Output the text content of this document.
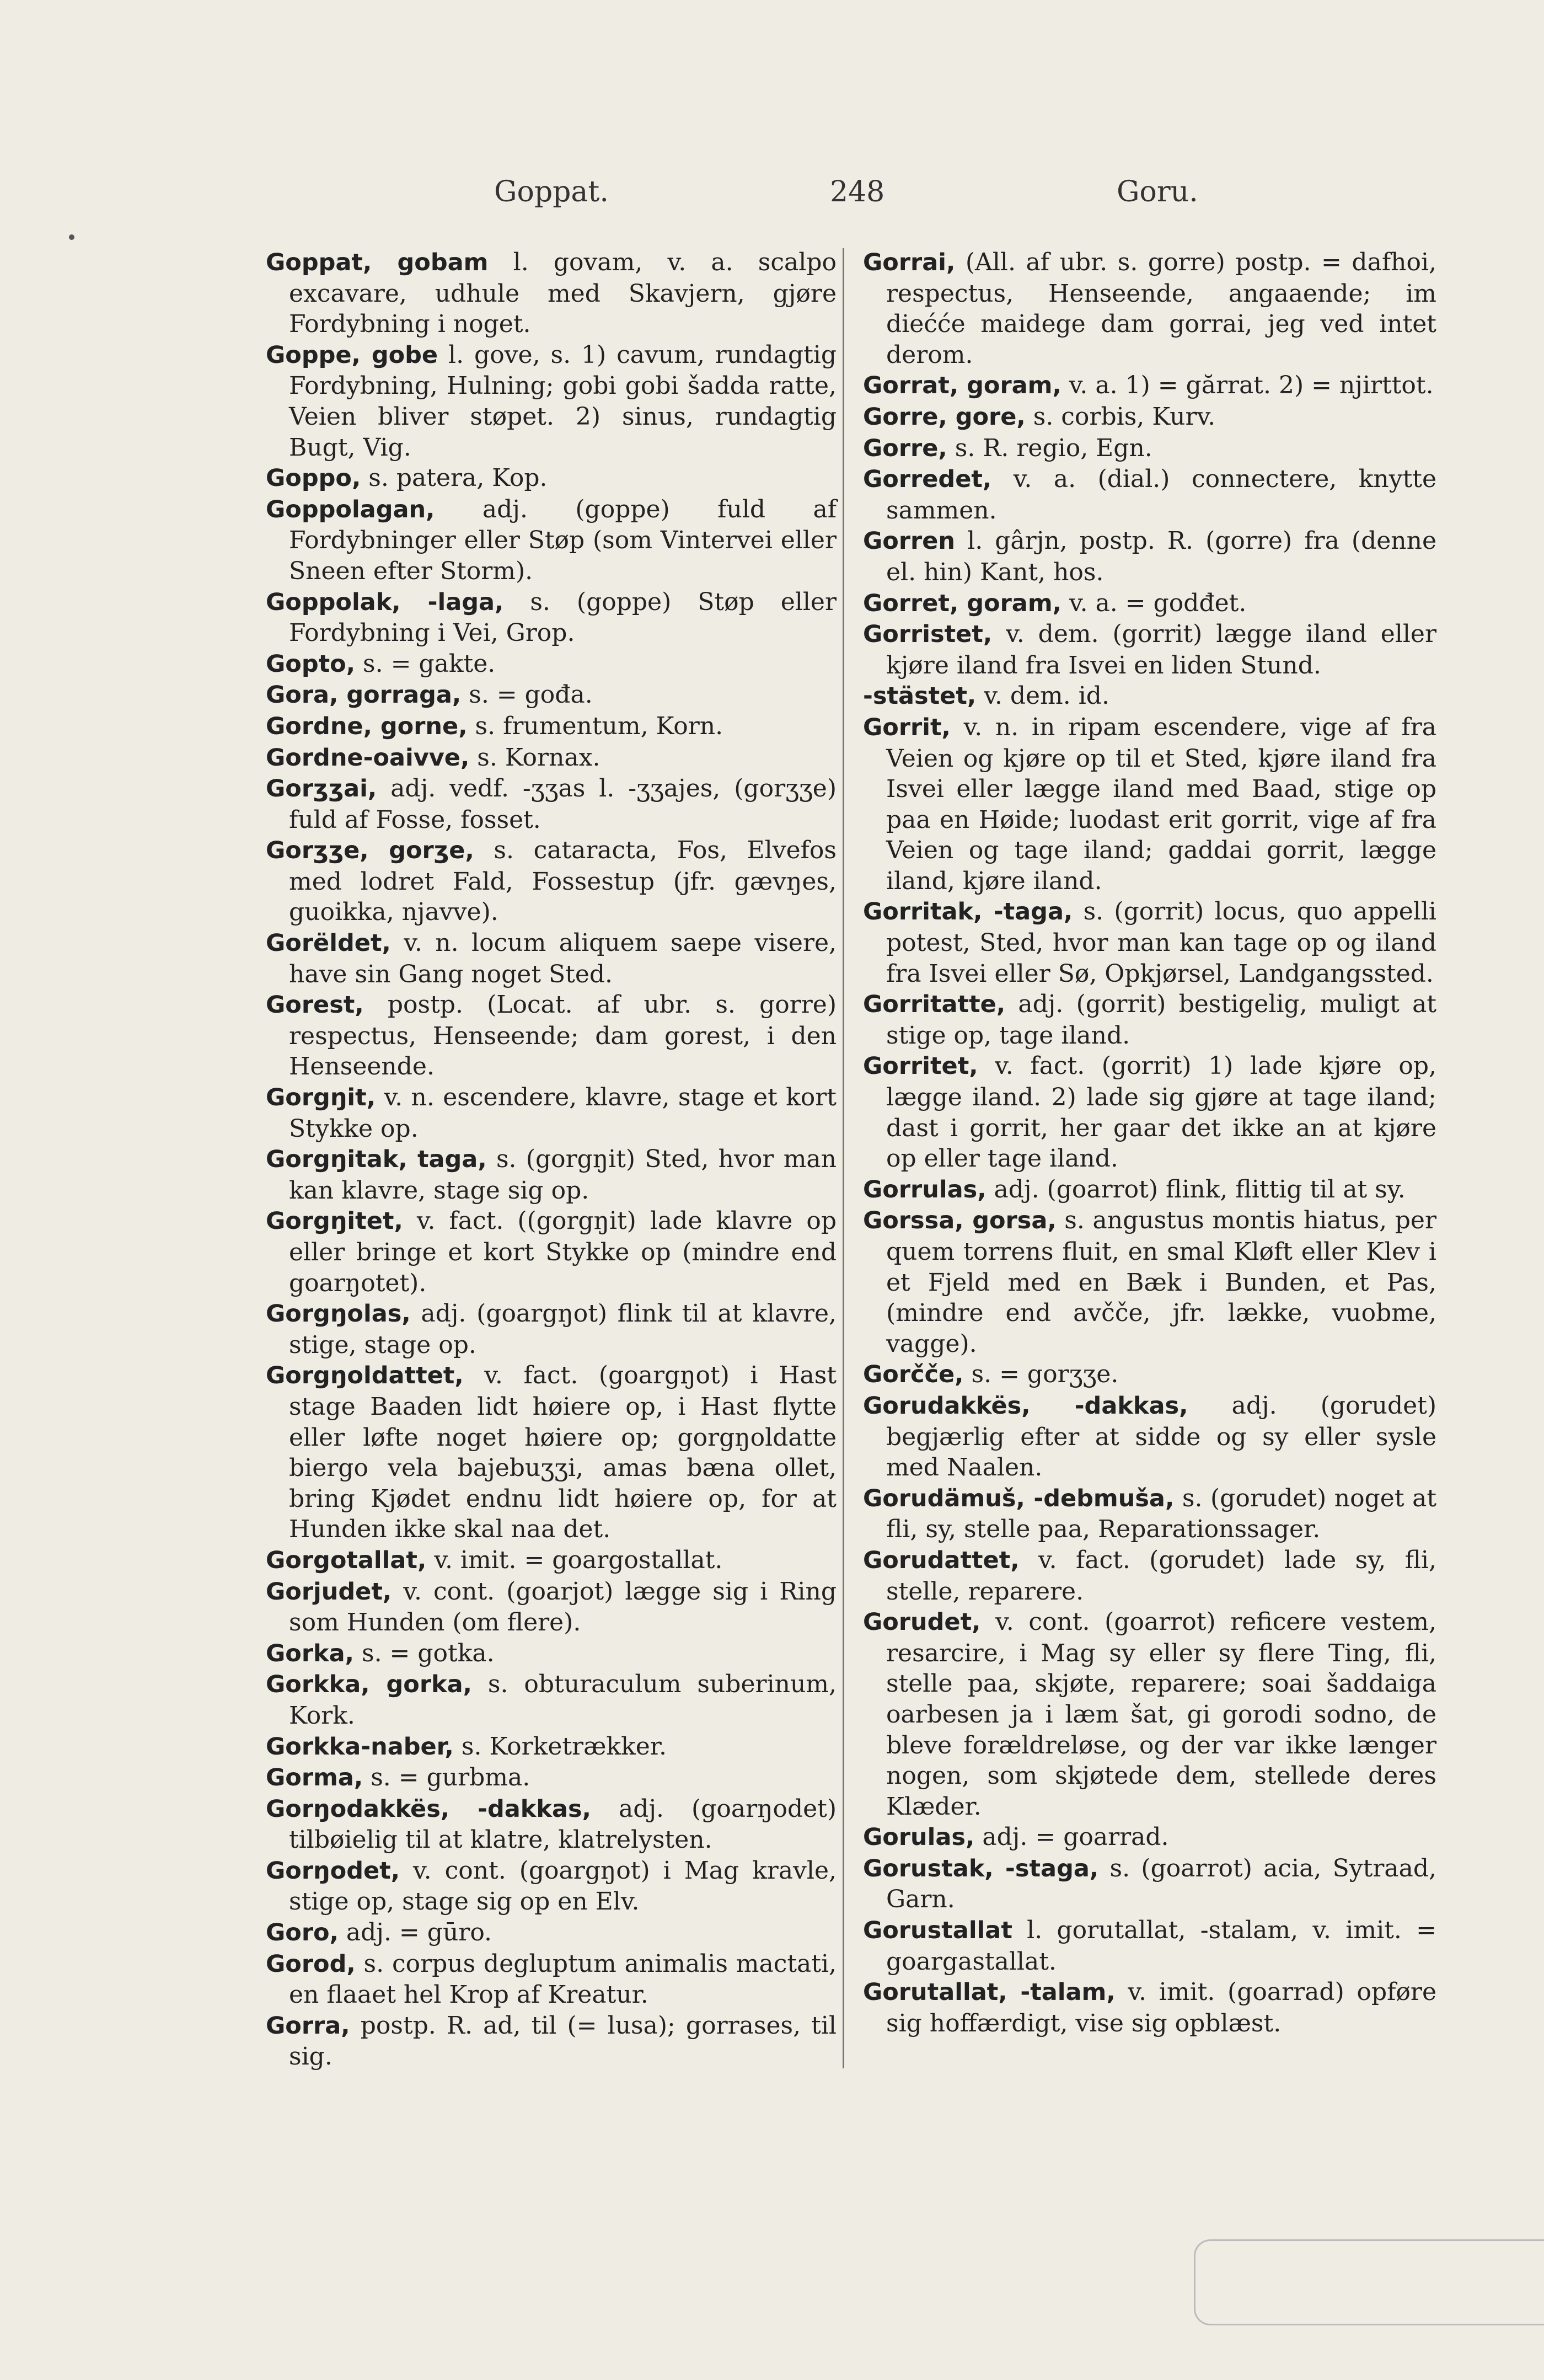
Goppat.	248	Goru.

Goppat, gobam l. govam, v. a. scalpo excavare, udhule med Skavjern, gjøre Fordybning i noget.

Goppe, gobe l. gove, s. 1) cavum, rundagtig Fordybning, Hulning; gobi gobi šadda ratte, Veien bliver støpet. 2) sinus, rundagtig Bugt, Vig.

Goppo, s. patera, Kop.

Goppolagan, adj. (goppe) fuld af Fordybninger eller Støp (som Vintervei eller Sneen efter Storm).

Goppolak, -laga, s. (goppe) Støp eller Fordybning i Vei, Grop.

Gopto, s. = gakte.

Gora, gorraga, s. = gođa.

Gordne, gorne, s. frumentum, Korn.

Gordne-oaivve, s. Kornax.

Gorʒʒai, adj. vedf. -ʒʒas l. -ʒʒajes, (gorʒʒe) fuld af Fosse, fosset.

Gorʒʒe, gorʒe, s. cataracta, Fos, Elvefos med lodret Fald, Fossestup (jfr. gævŋes, guoikka, njavve).

Gorëldet, v. n. locum aliquem saepe visere, have sin Gang noget Sted.

Gorest, postp. (Locat. af ubr. s. gorre) respectus, Henseende; dam gorest, i den Henseende.

Gorgŋit, v. n. escendere, klavre, stage et kort Stykke op.

Gorgŋitak, taga, s. (gorgŋit) Sted, hvor man kan klavre, stage sig op.

Gorgŋitet, v. fact. ((gorgŋit) lade klavre op eller bringe et kort Stykke op (mindre end goarŋotet).

Gorgŋolas, adj. (goargŋot) flink til at klavre, stige, stage op.

Gorgŋoldattet, v. fact. (goargŋot) i Hast stage Baaden lidt høiere op, i Hast flytte eller løfte noget høiere op; gorgŋoldatte biergo vela bajebuʒʒi, amas bæna ollet, bring Kjødet endnu lidt høiere op, for at Hunden ikke skal naa det.

Gorgotallat, v. imit. = goargostallat.

Gorjudet, v. cont. (goarjot) lægge sig i Ring som Hunden (om flere).

Gorka, s. = gotka.

Gorkka, gorka, s. obturaculum suberinum, Kork.

Gorkka-naber, s. Korketrækker.

Gorma, s. = gurbma.

Gorŋodakkës, -dakkas, adj. (goarŋodet) tilbøielig til at klatre, klatrelysten.

Gorŋodet, v. cont. (goargŋot) i Mag kravle, stige op, stage sig op en Elv.

Goro, adj. = gūro.

Gorod, s. corpus degluptum animalis mactati, en flaaet hel Krop af Kreatur.

Gorra, postp. R. ad, til (= lusa); gorrases, til sig.

Gorrai, (All. af ubr. s. gorre) postp. = dafhoi, respectus, Henseende, angaaende; im diećće maidege dam gorrai, jeg ved intet derom.

Gorrat, goram, v. a. 1) = gărrat. 2) = njirttot.

Gorre, gore, s. corbis, Kurv.

Gorre, s. R. regio, Egn.

Gorredet, v. a. (dial.) connectere, knytte sammen.

Gorren l. gârjn, postp. R. (gorre) fra (denne el. hin) Kant, hos.

Gorret, goram, v. a. = godđet.

Gorristet, v. dem. (gorrit) lægge iland eller kjøre iland fra Isvei en liden Stund.

-stästet, v. dem. id.

Gorrit, v. n. in ripam escendere, vige af fra Veien og kjøre op til et Sted, kjøre iland fra Isvei eller lægge iland med Baad, stige op paa en Høide; luodast erit gorrit, vige af fra Veien og tage iland; gaddai gorrit, lægge iland, kjøre iland.

Gorritak, -taga, s. (gorrit) locus, quo appelli potest, Sted, hvor man kan tage op og iland fra Isvei eller Sø, Opkjørsel, Landgangssted.

Gorritatte, adj. (gorrit) bestigelig, muligt at stige op, tage iland.

Gorritet, v. fact. (gorrit) 1) lade kjøre op, lægge iland. 2) lade sig gjøre at tage iland; dast i gorrit, her gaar det ikke an at kjøre op eller tage iland.

Gorrulas, adj. (goarrot) flink, flittig til at sy.

Gorssa, gorsa, s. angustus montis hiatus, per quem torrens fluit, en smal Kløft eller Klev i et Fjeld med en Bæk i Bunden, et Pas, (mindre end avčče, jfr. lække, vuobme, vagge).

Gorčče, s. = gorʒʒe.

Gorudakkës, -dakkas, adj. (gorudet) begjærlig efter at sidde og sy eller sysle med Naalen.

Gorudämuš, -debmuša, s. (gorudet) noget at fli, sy, stelle paa, Reparationssager.

Gorudattet, v. fact. (gorudet) lade sy, fli, stelle, reparere.

Gorudet, v. cont. (goarrot) reficere vestem, resarcire, i Mag sy eller sy flere Ting, fli, stelle paa, skjøte, reparere; soai šaddaiga oarbesen ja i læm šat, gi gorodi sodno, de bleve forældreløse, og der var ikke længer nogen, som skjøtede dem, stellede deres Klæder.

Gorulas, adj. = goarrad.

Gorustak, -staga, s. (goarrot) acia, Sytraad, Garn.

Gorustallat l. gorutallat, -stalam, v. imit. = goargastallat.

Gorutallat, -talam, v. imit. (goarrad) opføre sig hoffærdigt, vise sig opblæst.
